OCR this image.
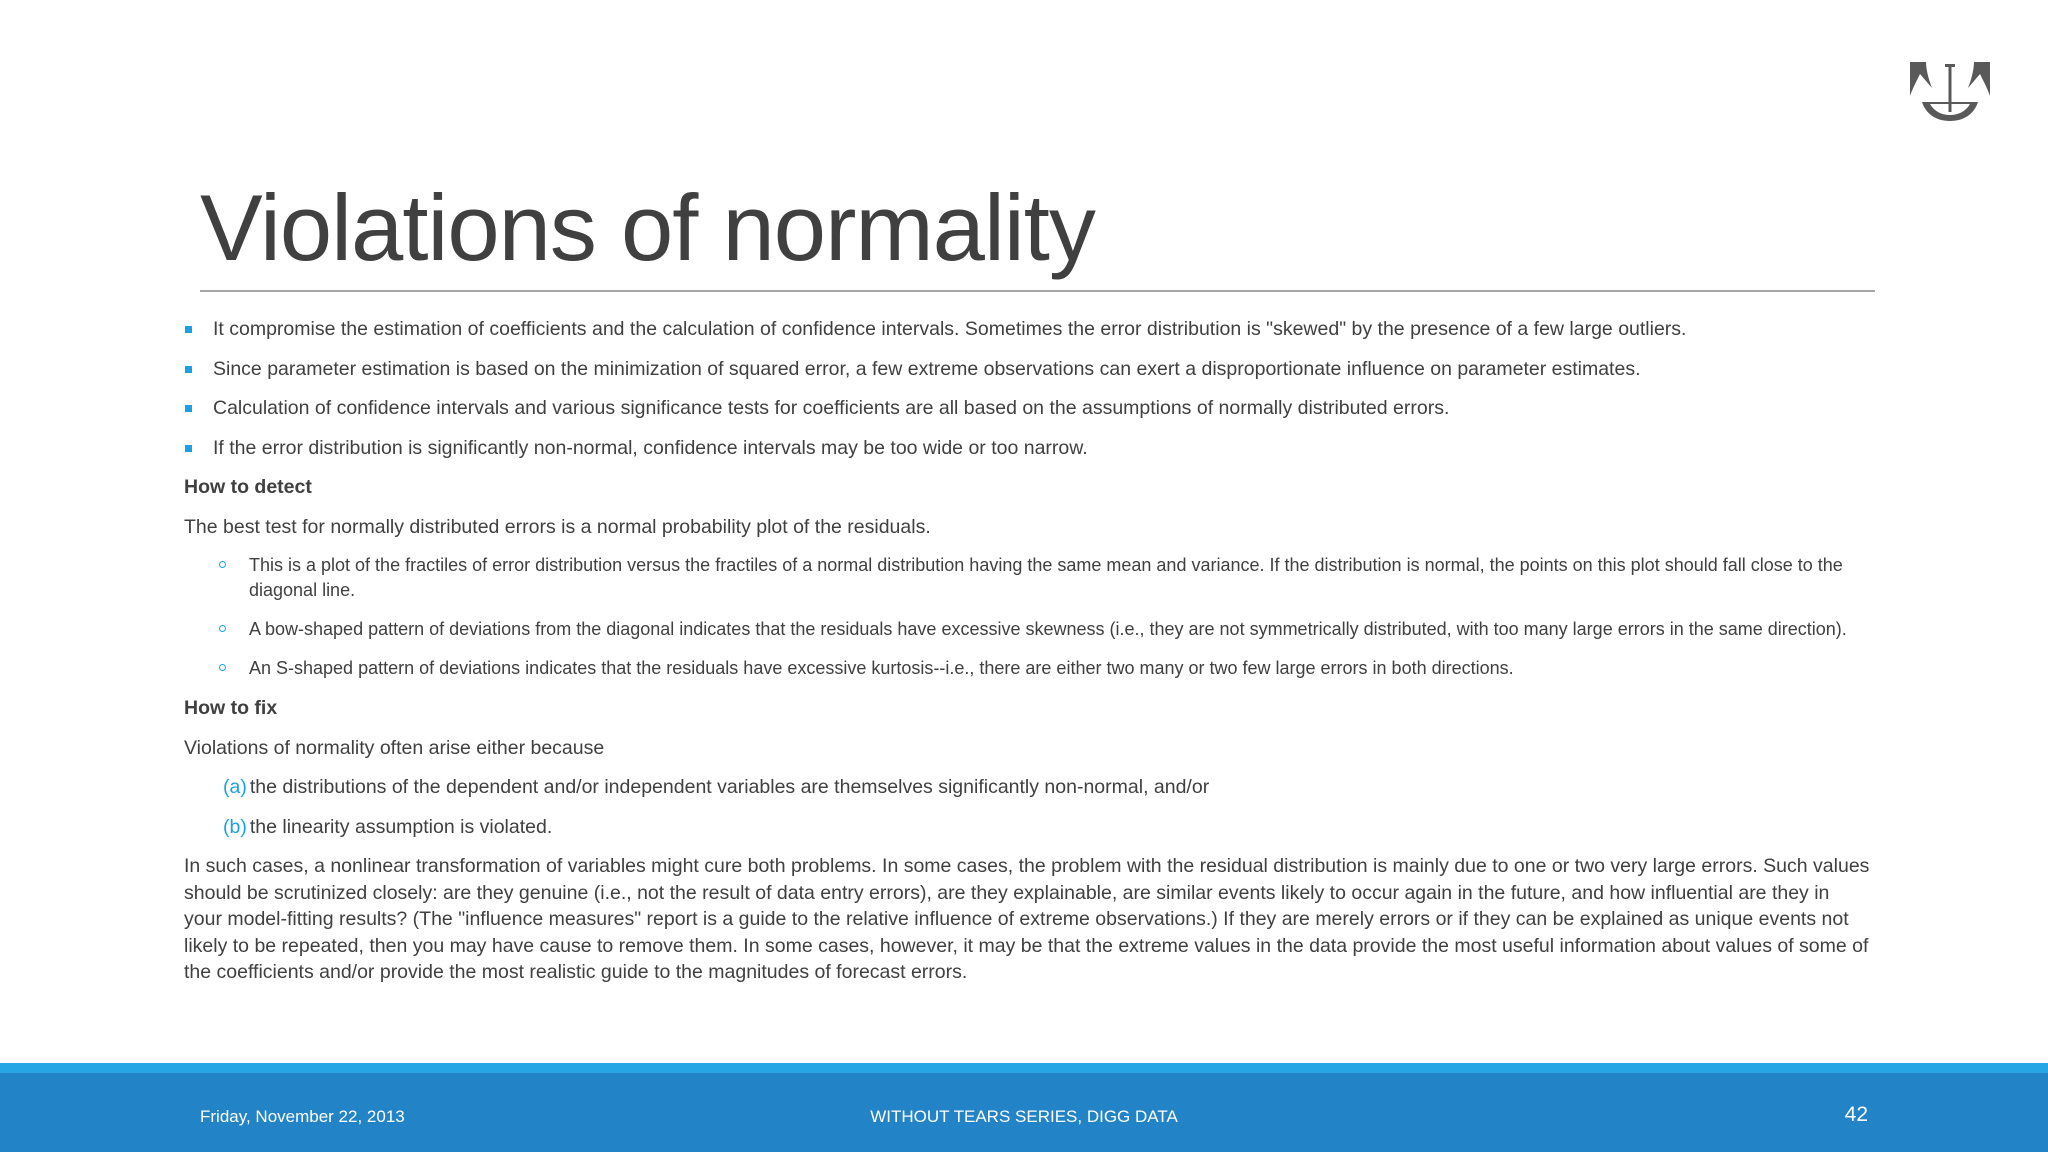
Violations of normality
It compromise the estimation of coefficients and the calculation of confidence intervals. Sometimes the error distribution is "skewed" by the presence of a few large outliers.
Since parameter estimation is based on the minimization of squared error, a few extreme observations can exert a disproportionate influence on parameter estimates.
Calculation of confidence intervals and various significance tests for coefficients are all based on the assumptions of normally distributed errors.
If the error distribution is significantly non-normal, confidence intervals may be too wide or too narrow.
How to detect
The best test for normally distributed errors is a normal probability plot of the residuals.
This is a plot of the fractiles of error distribution versus the fractiles of a normal distribution having the same mean and variance. If the distribution is normal, the points on this plot should fall close to the diagonal line.
A bow-shaped pattern of deviations from the diagonal indicates that the residuals have excessive skewness (i.e., they are not symmetrically distributed, with too many large errors in the same direction).
An S-shaped pattern of deviations indicates that the residuals have excessive kurtosis--i.e., there are either two many or two few large errors in both directions.
How to fix
Violations of normality often arise either because
(a) the distributions of the dependent and/or independent variables are themselves significantly non-normal, and/or
(b) the linearity assumption is violated.
In such cases, a nonlinear transformation of variables might cure both problems. In some cases, the problem with the residual distribution is mainly due to one or two very large errors. Such values should be scrutinized closely: are they genuine (i.e., not the result of data entry errors), are they explainable, are similar events likely to occur again in the future, and how influential are they in your model-fitting results? (The "influence measures" report is a guide to the relative influence of extreme observations.) If they are merely errors or if they can be explained as unique events not likely to be repeated, then you may have cause to remove them. In some cases, however, it may be that the extreme values in the data provide the most useful information about values of some of the coefficients and/or provide the most realistic guide to the magnitudes of forecast errors.
Friday, November 22, 2013	WITHOUT TEARS SERIES, DIGG DATA	42
